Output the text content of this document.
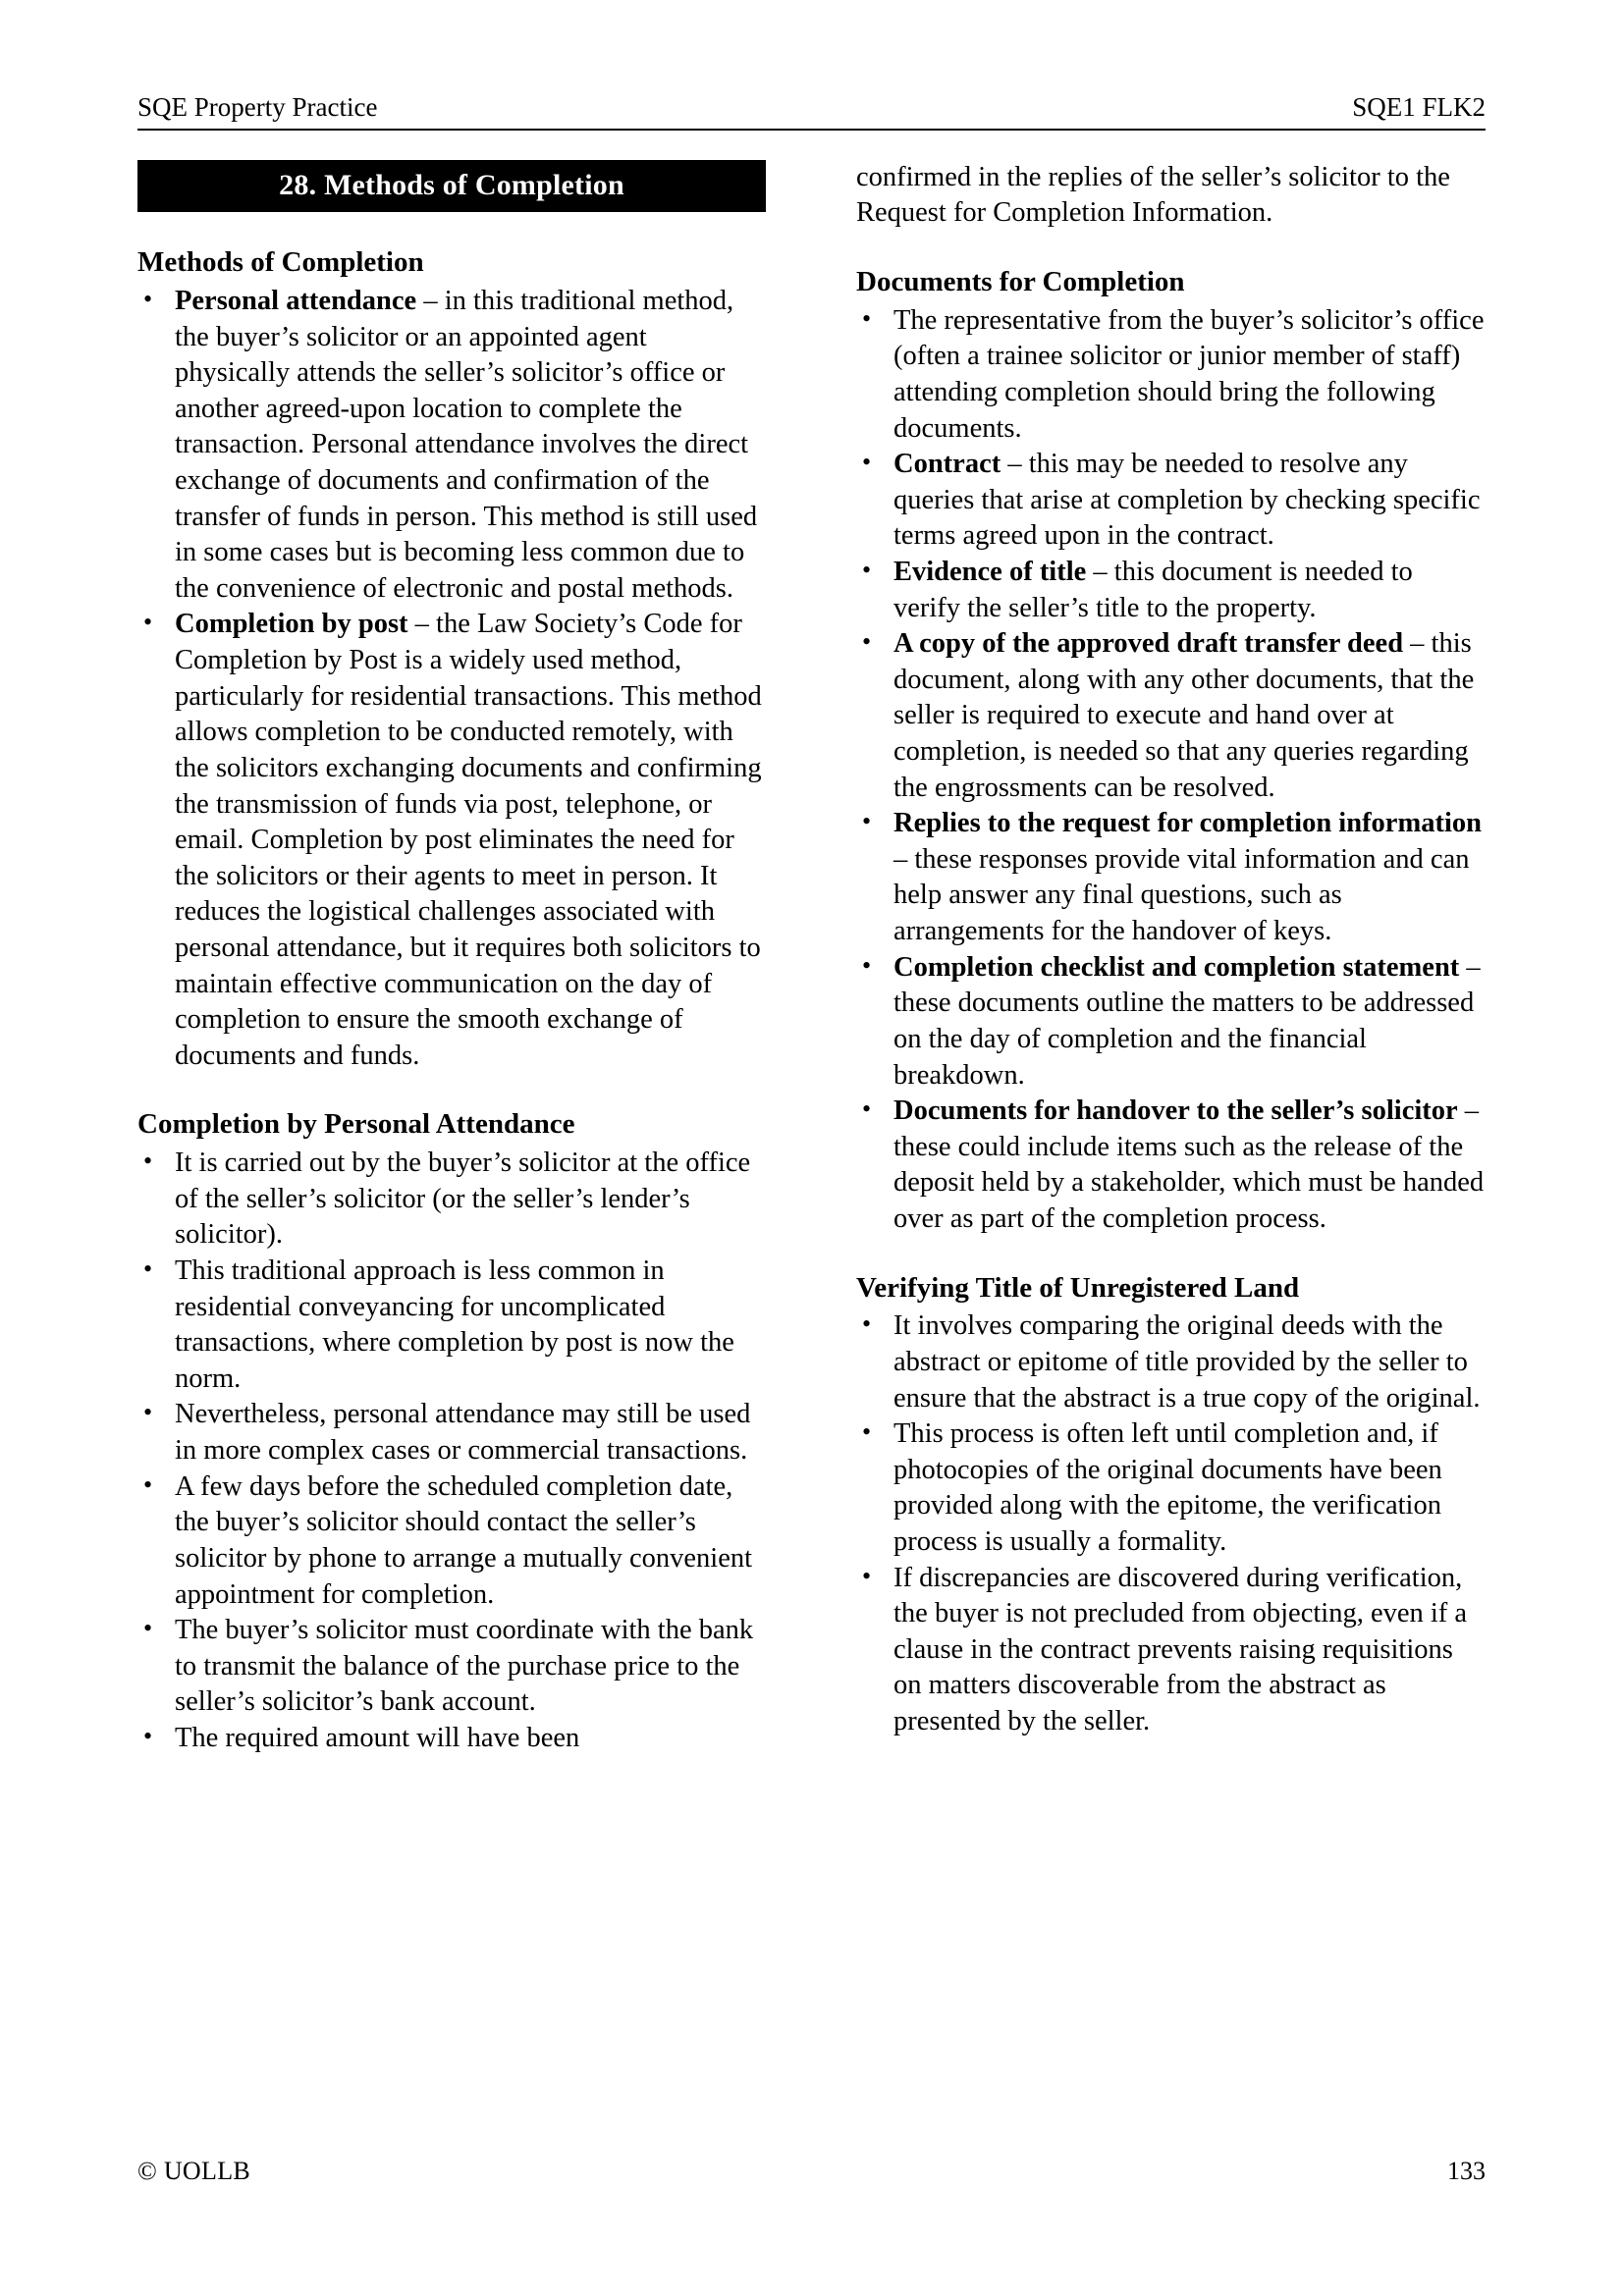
SQE Property Practice	SQE1 FLK2
28. Methods of Completion
Methods of Completion
• Personal attendance – in this traditional method, the buyer’s solicitor or an appointed agent physically attends the seller’s solicitor’s office or another agreed-upon location to complete the transaction. Personal attendance involves the direct exchange of documents and confirmation of the transfer of funds in person. This method is still used in some cases but is becoming less common due to the convenience of electronic and postal methods.
• Completion by post – the Law Society’s Code for Completion by Post is a widely used method, particularly for residential transactions. This method allows completion to be conducted remotely, with the solicitors exchanging documents and confirming the transmission of funds via post, telephone, or email. Completion by post eliminates the need for the solicitors or their agents to meet in person. It reduces the logistical challenges associated with personal attendance, but it requires both solicitors to maintain effective communication on the day of completion to ensure the smooth exchange of documents and funds.
Completion by Personal Attendance
• It is carried out by the buyer’s solicitor at the office of the seller’s solicitor (or the seller’s lender’s solicitor).
• This traditional approach is less common in residential conveyancing for uncomplicated transactions, where completion by post is now the norm.
• Nevertheless, personal attendance may still be used in more complex cases or commercial transactions.
• A few days before the scheduled completion date, the buyer’s solicitor should contact the seller’s solicitor by phone to arrange a mutually convenient appointment for completion.
• The buyer’s solicitor must coordinate with the bank to transmit the balance of the purchase price to the seller’s solicitor’s bank account.
• The required amount will have been

confirmed in the replies of the seller’s solicitor to the Request for Completion Information.

Documents for Completion
• The representative from the buyer’s solicitor’s office (often a trainee solicitor or junior member of staff) attending completion should bring the following documents.
• Contract – this may be needed to resolve any queries that arise at completion by checking specific terms agreed upon in the contract.
• Evidence of title – this document is needed to verify the seller’s title to the property.
• A copy of the approved draft transfer deed – this document, along with any other documents, that the seller is required to execute and hand over at completion, is needed so that any queries regarding the engrossments can be resolved.
• Replies to the request for completion information – these responses provide vital information and can help answer any final questions, such as arrangements for the handover of keys.
• Completion checklist and completion statement – these documents outline the matters to be addressed on the day of completion and the financial breakdown.
• Documents for handover to the seller’s solicitor – these could include items such as the release of the deposit held by a stakeholder, which must be handed over as part of the completion process.
Verifying Title of Unregistered Land
• It involves comparing the original deeds with the abstract or epitome of title provided by the seller to ensure that the abstract is a true copy of the original.
• This process is often left until completion and, if photocopies of the original documents have been provided along with the epitome, the verification process is usually a formality.
• If discrepancies are discovered during verification, the buyer is not precluded from objecting, even if a clause in the contract prevents raising requisitions on matters discoverable from the abstract as presented by the seller.
© UOLLB	133
